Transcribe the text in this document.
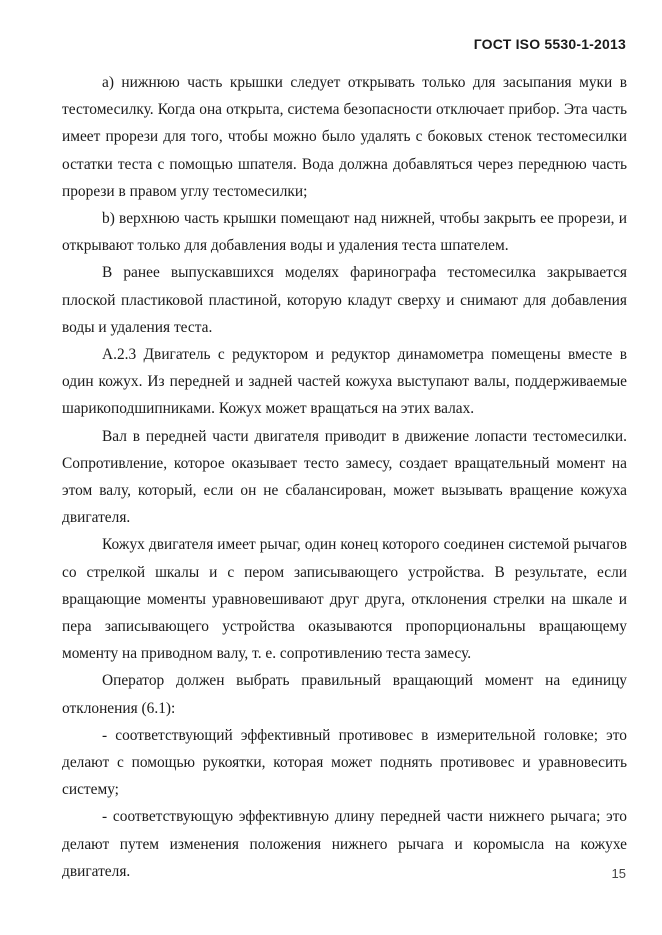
ГОСТ ISO 5530-1-2013

a) нижнюю часть крышки следует открывать только для засыпания муки в тестомесилку. Когда она открыта, система безопасности отключает прибор. Эта часть имеет прорези для того, чтобы можно было удалять с боковых стенок тестомесилки остатки теста с помощью шпателя. Вода должна добавляться через переднюю часть прорези в правом углу тестомесилки;

b) верхнюю часть крышки помещают над нижней, чтобы закрыть ее прорези, и открывают только для добавления воды и удаления теста шпателем.

В ранее выпускавшихся моделях фаринографа тестомесилка закрывается плоской пластиковой пластиной, которую кладут сверху и снимают для добавления воды и удаления теста.

А.2.3 Двигатель с редуктором и редуктор динамометра помещены вместе в один кожух. Из передней и задней частей кожуха выступают валы, поддерживаемые шарикоподшипниками. Кожух может вращаться на этих валах.

Вал в передней части двигателя приводит в движение лопасти тестомесилки. Сопротивление, которое оказывает тесто замесу, создает вращательный момент на этом валу, который, если он не сбалансирован, может вызывать вращение кожуха двигателя.

Кожух двигателя имеет рычаг, один конец которого соединен системой рычагов со стрелкой шкалы и с пером записывающего устройства. В результате, если вращающие моменты уравновешивают друг друга, отклонения стрелки на шкале и пера записывающего устройства оказываются пропорциональны вращающему моменту на приводном валу, т. е. сопротивлению теста замесу.

Оператор должен выбрать правильный вращающий момент на единицу отклонения (6.1):

- соответствующий эффективный противовес в измерительной головке; это делают с помощью рукоятки, которая может поднять противовес и уравновесить систему;

- соответствующую эффективную длину передней части нижнего рычага; это делают путем изменения положения нижнего рычага и коромысла на кожухе двигателя.	15
